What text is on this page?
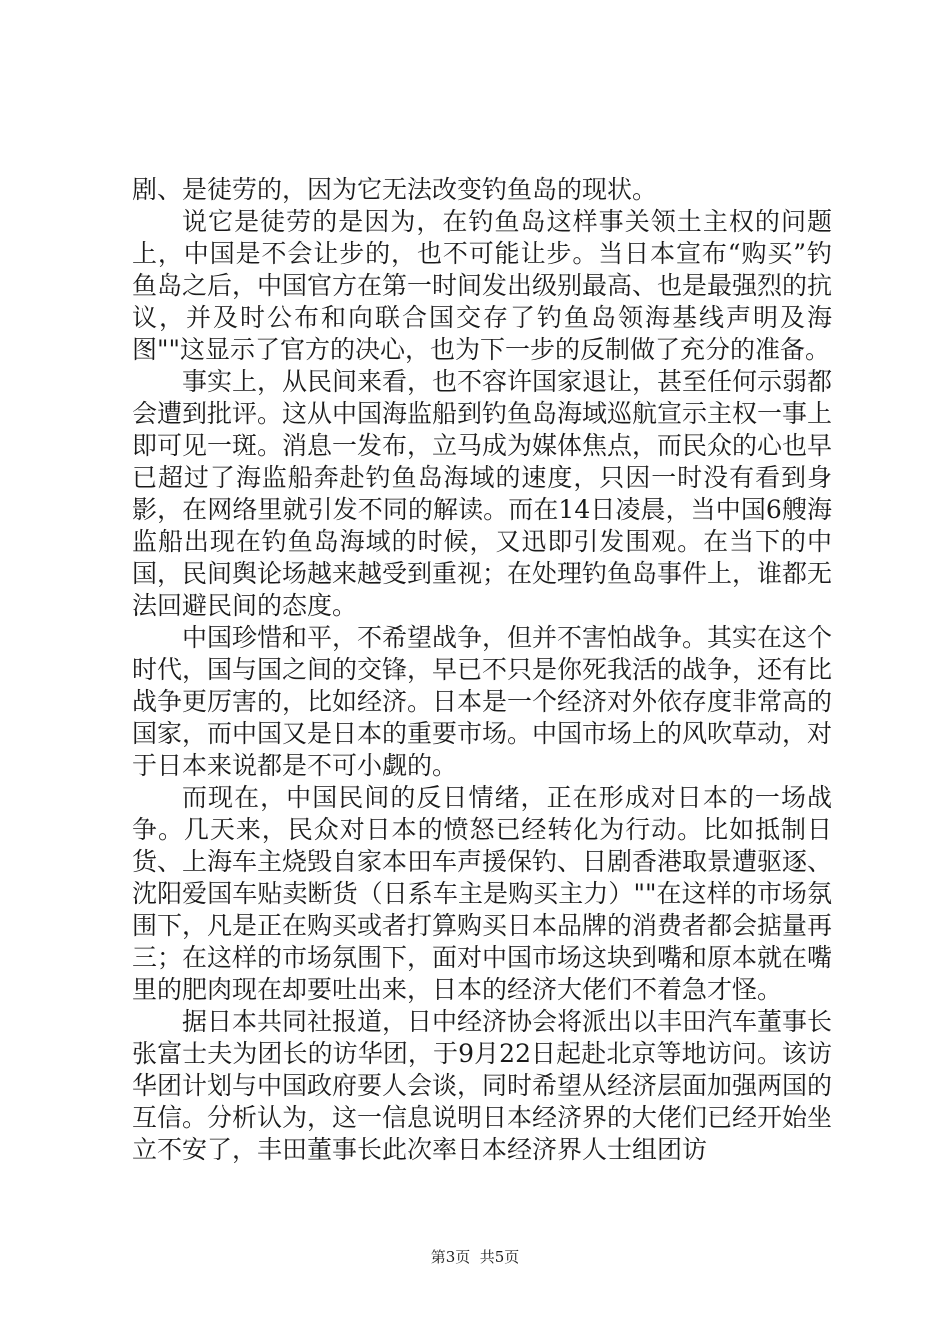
剧、是徒劳的，因为它无法改变钓鱼岛的现状。

说它是徒劳的是因为，在钓鱼岛这样事关领土主权的问题上，中国是不会让步的，也不可能让步。当日本宣布“购买”钓鱼岛之后，中国官方在第一时间发出级别最高、也是最强烈的抗议，并及时公布和向联合国交存了钓鱼岛领海基线声明及海图""这显示了官方的决心，也为下一步的反制做了充分的准备。

事实上，从民间来看，也不容许国家退让，甚至任何示弱都会遭到批评。这从中国海监船到钓鱼岛海域巡航宣示主权一事上即可见一斑。消息一发布，立马成为媒体焦点，而民众的心也早已超过了海监船奔赴钓鱼岛海域的速度，只因一时没有看到身影，在网络里就引发不同的解读。而在14日凌晨，当中国6艘海监船出现在钓鱼岛海域的时候，又迅即引发围观。在当下的中国，民间舆论场越来越受到重视；在处理钓鱼岛事件上，谁都无法回避民间的态度。

中国珍惜和平，不希望战争，但并不害怕战争。其实在这个时代，国与国之间的交锋，早已不只是你死我活的战争，还有比战争更厉害的，比如经济。日本是一个经济对外依存度非常高的国家，而中国又是日本的重要市场。中国市场上的风吹草动，对于日本来说都是不可小觑的。

而现在，中国民间的反日情绪，正在形成对日本的一场战争。几天来，民众对日本的愤怒已经转化为行动。比如抵制日货、上海车主烧毁自家本田车声援保钓、日剧香港取景遭驱逐、沈阳爱国车贴卖断货（日系车主是购买主力）""在这样的市场氛围下，凡是正在购买或者打算购买日本品牌的消费者都会掂量再三；在这样的市场氛围下，面对中国市场这块到嘴和原本就在嘴里的肥肉现在却要吐出来，日本的经济大佬们不着急才怪。

据日本共同社报道，日中经济协会将派出以丰田汽车董事长张富士夫为团长的访华团，于9月22日起赴北京等地访问。该访华团计划与中国政府要人会谈，同时希望从经济层面加强两国的互信。分析认为，这一信息说明日本经济界的大佬们已经开始坐立不安了，丰田董事长此次率日本经济界人士组团访

第3页  共5页
